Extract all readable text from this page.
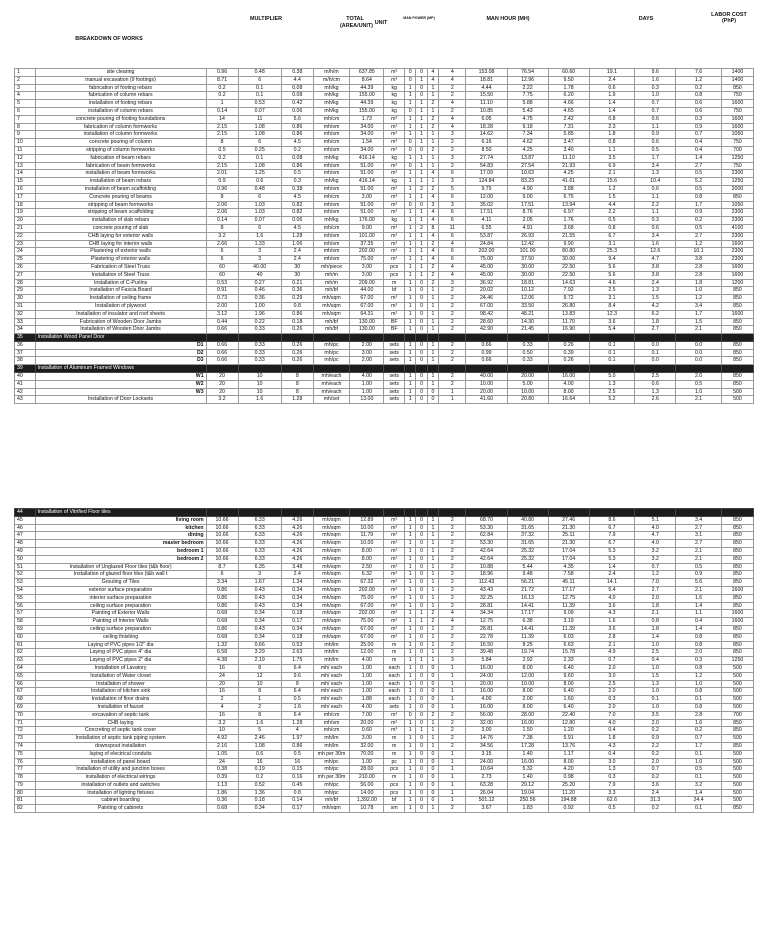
BREAKDOWN OF WORKS
MULTIPLIER	TOTAL (AREA/UNIT) UNIT
MAN POWER (MP)	MAN HOUR (MH)	DAYS
LABOR COST (PhP)
1	site clearing	0.96	0.48	0.38	m/h/m	637.85	m²	0	0	4	4	153.08	76.54	60.60	19.1	9.6	7.6	1400
2	manual excavation (9 footings)	8.71	6	4.4	m/h/cm	8.64	m³	0	1	4	4	18.81	12.96	9.50	2.4	1.6	1.2	1400
3	fabrication of footing rebars	0.2	0.1	0.08	mh/kg	44.39	kg	1	0	1	2	4.44	2.22	1.78	0.6	0.3	0.2	850
4	fabrication of column rebars	0.2	0.1	0.08	mh/kg	155.00	kg	1	0	1	2	15.50	7.75	6.20	1.9	1.0	0.8	750
5	installation of footing rebars	1	0.53	0.42	mh/kg	44.39	kg	1	1	2	4	11.10	5.88	4.66	1.4	0.7	0.6	1600
6	installation of column rebars	0.14	0.07	0.06	mh/kg	155.00	kg	0	1	1	2	10.85	5.43	4.65	1.4	0.7	0.6	750
7	concrete pouring of footing foundations	14	11	5.6	mh/cm	1.73	m³	1	1	2	4	6.05	4.75	2.42	0.8	0.6	0.3	1600
8	fabrication of column formworks	2.15	1.08	0.86	mh/sm	34.00	m²	1	1	2	4	18.28	9.18	7.31	2.3	1.1	0.9	1600
9	installation of column formworks	2.15	1.08	0.86	mh/sm	34.00	m²	1	1	1	3	14.62	7.34	5.85	1.8	0.9	0.7	1050
10	concrete pouring of column	8	6	4.5	mh/cm	1.54	m³	0	1	1	2	6.16	4.62	3.47	0.8	0.6	0.4	750
11	stripping of column formworks	0.5	0.25	0.2	mh/sm	34.00	m²	0	0	2	2	8.50	4.25	3.40	1.1	0.5	0.4	700
12	fabrication of beam rebars	0.2	0.1	0.08	mh/kg	416.14	kg	1	1	1	3	27.74	13.87	11.10	3.5	1.7	1.4	1250
13	fabrication of beam formworks	2.15	1.08	0.86	mh/sm	51.00	m²	0	1	1	2	54.83	27.54	21.93	6.9	3.4	2.7	750
14	installation of beam formworks	2.01	1.25	0.5	mh/sm	51.00	m²	1	1	4	6	17.09	10.63	4.25	2.1	1.3	0.5	2300
15	installation of beam rebars	0.9	0.6	0.3	mh/kg	416.14	kg	1	1	1	3	124.84	83.23	41.61	15.6	10.4	5.2	1250
16	installation of beam scaffolding	0.96	0.48	0.38	mh/sm	51.00	m²	1	2	2	5	9.79	4.90	3.88	1.2	0.6	0.5	2000
17	Concrete pouring of beams	8	6	4.5	mh/cm	3.00	m³	1	1	4	6	12.00	9.00	6.75	1.5	1.1	0.8	850
18	stripping of beam formworks	2.06	1.03	0.82	mh/sm	51.00	m²	0	0	3	3	35.02	17.51	13.94	4.4	2.2	1.7	1050
19	stripping of beam scaffolding	2.06	1.03	0.82	mh/sm	51.00	m²	1	1	4	6	17.51	8.76	6.97	2.2	1.1	0.9	2300
20	installation of slab rebars	0.14	0.07	0.06	mh/kg	176.00	kg	1	1	4	6	4.11	2.05	1.76	0.5	0.3	0.2	2300
21	concrete pouring of slab	8	6	4.5	mh/cm	9.00	m³	1	2	8	11	6.55	4.91	3.68	0.8	0.6	0.5	4100
22	CHB laying for exterior walls	3.2	1.6	1.28	mh/sm	101.00	m²	1	1	4	6	53.87	26.93	21.55	6.7	3.4	2.7	2300
23	CHB laying for interior walls	2.66	1.33	1.06	mh/sm	37.35	m²	1	1	2	4	24.84	12.42	9.90	3.1	1.6	1.2	1600
24	Plastering of exterior walls	6	3	2.4	mh/sm	202.00	m²	1	1	4	6	202.00	101.00	80.80	25.3	12.6	10.1	2300
25	Plastering of interior walls	6	3	2.4	mh/sm	75.00	m²	1	1	4	6	75.00	37.50	30.00	9.4	4.7	3.8	2300
26	Fabrication of Steel Truss	60	40.00	30	mh/piece	3.00	pcs	1	1	2	4	45.00	30.00	22.50	5.6	3.8	2.8	1600
27	Installation of Steel Truss	60	40	30	mh/m	3.00	pcs	1	1	2	4	45.00	30.00	22.50	5.6	3.8	2.8	1600
28	Installation of C-Purlins	0.53	0.27	0.21	mh/m	209.00	m	1	0	2	3	36.92	18.81	14.63	4.6	2.4	1.8	1200
29	Installation of Fascia Board	0.91	0.46	0.36	mh/bf	44.00	bf	1	0	1	2	20.02	10.12	7.92	2.5	1.3	1.0	850
30	Installation of ceiling frame	0.73	0.36	0.29	mh/sqm	67.00	m²	1	0	1	2	24.46	12.06	9.72	3.1	1.5	1.2	850
31	Installation of plywood	2.00	1.00	0.8	mh/sqm	67.00	m²	1	0	1	2	67.00	33.50	26.80	8.4	4.2	3.4	850
32	Installation of insulator and roof sheets	3.12	1.96	0.86	mh/sqm	64.31	m²	1	0	1	2	98.42	48.21	13.83	12.3	6.2	1.7	1600
33	Fabrication of Wooden Door Jambs	0.44	0.22	0.18	mh/bf	130.00	BF	1	0	1	2	28.60	14.30	11.70	3.6	1.8	1.5	850
34	Installation of Wooden Door Jambs	0.66	0.33	0.26	mh/bf	130.00	BF	1	0	1	2	42.90	21.45	16.90	5.4	2.7	2.1	850
35	Installation Wood Panel Door																	
36	D1	0.66	0.33	0.26	mh/pc	2.00	sets	1	0	1	2	0.66	0.33	0.26	0.1	0.0	0.0	850
37	D2	0.66	0.33	0.26	mh/pc	3.00	sets	1	0	1	2	0.99	0.50	0.39	0.1	0.1	0.0	850
38	D3	0.66	0.33	0.26	mh/pc	2.00	sets	1	0	1	2	0.66	0.33	0.26	0.1	0.0	0.0	850
39	Installation of Aluminum Framed Windows																	
40	W1	20	10	8	mh/each	4.00	sets	1	0	1	2	40.00	20.00	16.00	5.0	2.5	2.0	850
41	W2	20	10	8	mh/each	1.00	sets	1	0	1	2	10.00	5.00	4.00	1.3	0.6	0.5	850
42	W3	20	10	8	mh/each	1.00	sets	1	0	0	1	20.00	10.00	8.00	2.5	1.3	1.0	500
43	Installation of Door Locksets	3.2	1.6	1.28	mh/set	13.00	sets	1	0	0	1	41.60	20.80	16.64	5.2	2.6	2.1	500
44	Installation of Vitrified Floor tiles																	
45	living room	10.66	6.33	4.26	mh/sqm	12.89	m²	1	0	1	2	68.70	40.80	27.46	8.6	5.1	3.4	850
46	kitchen	10.66	6.33	4.26	mh/sqm	10.00	m²	1	0	1	2	53.30	31.65	21.30	6.7	4.0	2.7	850
47	dining	10.66	6.33	4.26	mh/sqm	11.79	m²	1	0	1	2	62.84	37.32	25.11	7.9	4.7	3.1	850
48	master bedroom	10.66	6.33	4.26	mh/sqm	10.00	m²	1	0	1	2	53.30	31.65	21.30	6.7	4.0	2.7	850
49	bedroom 1	10.66	6.33	4.26	mh/sqm	8.00	m²	1	0	1	2	42.64	25.32	17.04	5.3	3.2	2.1	850
50	bedroom 2	10.66	6.33	4.26	mh/sqm	8.00	m²	1	0	1	2	42.64	25.32	17.04	5.3	3.2	2.1	850
51	Installation of Unglazed Floor tiles (t&b floor)	8.7	6.35	3.48	mh/sqm	2.50	m²	1	0	1	2	10.88	5.44	4.35	1.4	0.7	0.5	850
52	Installation of glazed floor tiles (t&b wall t	6	3	2.4	mh/sqm	6.32	m²	1	0	1	2	18.96	9.48	7.58	2.4	1.2	0.9	850
53	Grouting of Tiles	3.34	1.67	1.34	mh/sqm	67.32	m²	1	0	1	2	112.43	56.21	45.11	14.1	7.0	5.6	850
54	exterior surface preparation	0.86	0.43	0.34	mh/sqm	202.00	m²	1	0	1	2	43.43	21.72	17.17	5.4	2.7	2.1	1600
55	interior surface preparation	0.86	0.43	0.34	mh/sqm	75.00	m²	1	0	1	2	32.25	16.13	12.75	4.0	2.0	1.6	850
56	ceiling surface preparation	0.86	0.43	0.34	mh/sqm	67.00	m²	1	0	1	2	28.81	14.41	11.39	3.6	1.8	1.4	850
57	Painting of Exterior Walls	0.68	0.34	0.18	mh/sqm	202.00	m²	1	1	2	4	34.34	17.17	9.09	4.3	2.1	1.1	1600
58	Painting of Interior Walls	0.68	0.34	0.17	mh/sqm	75.00	m²	1	1	2	4	12.75	6.38	3.19	1.6	0.8	0.4	1600
59	ceiling surface preparation	0.86	0.43	0.34	mh/sqm	67.00	m²	1	0	1	2	28.81	14.41	11.39	3.6	1.8	1.4	850
60	ceiling finishing	0.68	0.34	0.18	mh/sqm	67.00	m²	1	0	1	2	22.78	11.39	6.03	2.8	1.4	0.8	850
61	Laying of PVC pipes 1/2" dia	1.32	0.66	0.53	mh/lm	25.00	m	1	0	1	2	16.50	8.25	6.63	2.1	1.0	0.8	850
62	Laying of PVC pipes 4" dia	6.58	3.29	2.63	mh/lm	12.00	m	1	0	1	2	39.48	19.74	15.78	4.9	2.5	2.0	850
63	Laying of PVC pipes 2" dia	4.38	2.19	1.75	mh/lm	4.00	m	1	1	1	3	5.84	2.92	2.33	0.7	0.4	0.3	1250
64	Installation of Lavatory	16	8	6.4	mh/ each	1.00	each	1	0	0	1	16.00	8.00	6.40	2.0	1.0	0.8	500
65	Installation of Water closet	24	12	9.6	mh/ each	1.00	each	1	0	0	1	24.00	12.00	9.60	3.0	1.5	1.2	500
66	Installation of shower	20	10	8	mh/ each	1.00	each	1	0	0	1	20.00	10.00	8.00	2.5	1.3	1.0	500
67	Installation of kitchen sink	16	8	6.4	mh/ each	1.00	each	1	0	0	1	16.00	8.00	6.40	2.0	1.0	0.8	500
68	Installation of floor drains	2	1	0.5	mh/ each	1.88	each	1	0	0	1	4.00	2.00	1.60	0.3	0.1	0.1	500
69	Installation of faucet	4	2	1.6	mh/ each	4.00	sets	1	0	0	1	16.00	8.00	6.40	2.0	1.0	0.8	500
70	excavation of septic tank	16	8	6.4	mh/cm	7.00	m³	0	0	2	2	56.00	28.00	22.40	7.0	3.5	2.8	700
71	CHB laying	3.2	1.6	1.28	mh/sm	20.00	m²	1	0	1	2	32.00	16.00	12.80	4.0	2.0	1.6	850
72	Concreting of septic tank cover	10	5	4	mh/cm	0.60	m³	1	1	1	2	3.00	1.50	1.20	0.4	0.2	0.2	850
73	Installation of septic tank piping system	4.92	2.46	1.97	mh/lm	3.00	m	1	0	1	2	14.76	7.38	5.91	1.8	0.9	0.7	500
74	downspout installation	2.16	1.08	0.86	mh/lm	32.00	m	1	0	1	2	34.56	17.28	13.76	4.3	2.2	1.7	850
75	laying of electrical conduits	1.05	0.6	0.5	mh per 30m	70.00	m	1	0	0	1	3.15	1.40	1.17	0.4	0.2	0.1	500
76	installation of panel board	24	16	16	mh/pc	1.00	pc	1	0	0	1	24.00	16.00	8.00	3.0	2.0	1.0	500
77	Installation of utility and junction boxes	0.38	0.19	0.15	mh/pc	28.00	pcs	1	0	0	1	10.64	5.32	4.20	1.3	0.7	0.5	500
78	installation of electrical wirings	0.39	0.2	0.16	mh per 30m	210.00	m	1	0	0	1	2.73	1.40	0.98	0.3	0.2	0.1	500
79	installation of outlets and switches	1.13	0.52	0.45	mh/pc	56.00	pcs	1	0	0	1	63.28	29.12	25.20	7.9	3.6	3.2	500
80	Installation of lighting fixtures	1.86	1.36	0.8	mh/pc	14.00	pcs	1	0	0	1	26.04	19.04	11.20	3.3	2.4	1.4	500
81	cabinet boarding	0.36	0.18	0.14	mh/bf	1,392.00	bf	1	0	0	1	501.12	250.56	194.88	62.6	31.3	24.4	500
82	Painting of cabinets	0.68	0.34	0.17	mh/sqm	10.78	sm	1	0	1	2	3.67	1.83	0.92	0.5	0.2	0.1	850
